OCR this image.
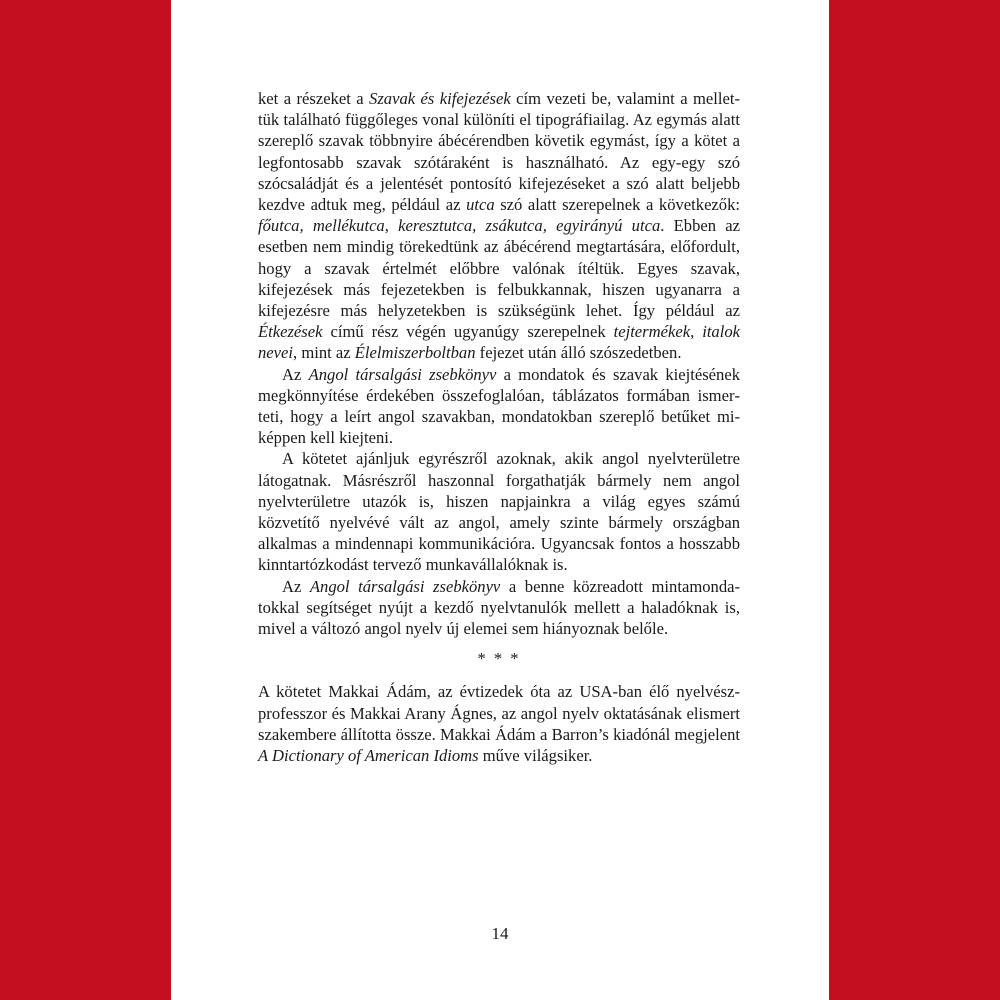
ket a részeket a Szavak és kifejezések cím vezeti be, valamint a mellettük található függőleges vonal különíti el tipográfiailag. Az egymás alatt szereplő szavak többnyire ábécérendben követik egymást, így a kötet a legfontosabb szavak szótáraként is használható. Az egy-egy szó szócsaládját és a jelentését pontosító kifejezéseket a szó alatt beljebb kezdve adtuk meg, például az utca szó alatt szerepelnek a következők: főutca, mellékutca, keresztutca, zsákutca, egyirányú utca. Ebben az esetben nem mindig törekedtünk az ábécérend megtartására, előfordult, hogy a szavak értelmét előbbre valónak ítéltük. Egyes szavak, kifejezések más fejezetekben is felbukkannak, hiszen ugyanarra a kifejezésre más helyzetekben is szükségünk lehet. Így például az Étkezések című rész végén ugyanúgy szerepelnek tejtermékek, italok nevei, mint az Élelmiszerboltban fejezet után álló szószedetben.

Az Angol társalgási zsebkönyv a mondatok és szavak kiejtésének megkönnyítése érdekében összefoglalóan, táblázatos formában ismerteti, hogy a leírt angol szavakban, mondatokban szereplő betűket miképpen kell kiejteni.

A kötetet ajánljuk egyrészről azoknak, akik angol nyelvterületre látogatnak. Másrészről haszonnal forgathatják bármely nem angol nyelvterületre utazók is, hiszen napjainkra a világ egyes számú közvetítő nyelvévé vált az angol, amely szinte bármely országban alkalmas a mindennapi kommunikációra. Ugyancsak fontos a hosszabb kinntartózkodást tervező munkavállalóknak is.

Az Angol társalgási zsebkönyv a benne közreadott mintamondatokkal segítséget nyújt a kezdő nyelvtanulók mellett a haladóknak is, mivel a változó angol nyelv új elemei sem hiányoznak belőle.

* * *

A kötetet Makkai Ádám, az évtizedek óta az USA-ban élő nyelvészprofesszor és Makkai Arany Ágnes, az angol nyelv oktatásának elismert szakembere állította össze. Makkai Ádám a Barron’s kiadónál megjelent A Dictionary of American Idioms műve világsiker.

14
